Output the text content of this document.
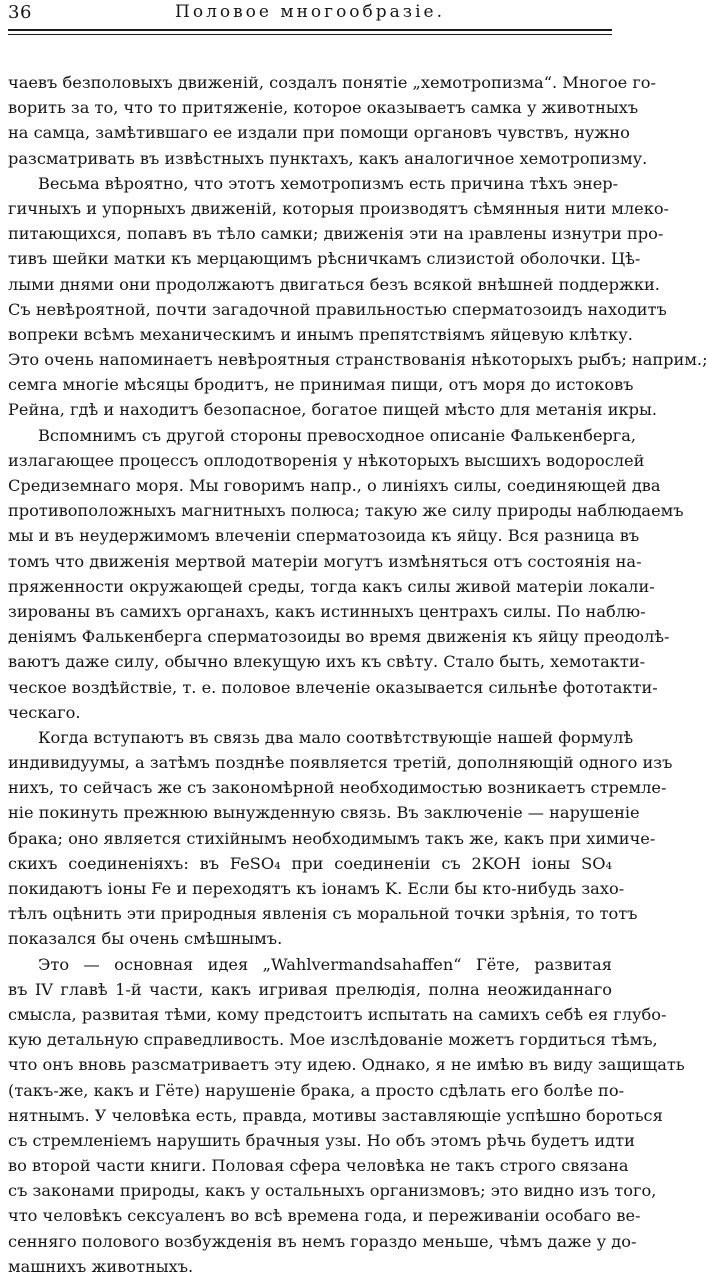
36	Половое многообразіе.
чаевъ безполовыхъ движеній, создалъ понятіе „хемотропизма“. Многое го-
ворить за то, что то притяженіе, которое оказываетъ самка у животныхъ
на самца, замѣтившаго ее издали при помощи органовъ чувствъ, нужно
разсматривать въ извѣстныхъ пунктахъ, какъ аналогичное хемотропизму.
Весьма вѣроятно, что этотъ хемотропизмъ есть причина тѣхъ энер-
гичныхъ и упорныхъ движеній, которыя производятъ сѣмянныя нити млеко-
питающихся, попавъ въ тѣло самки; движенія эти на ıравлены изнутри про-
тивъ шейки матки къ мерцающимъ рѣсничкамъ слизистой оболочки. Цѣ-
лыми днями они продолжаютъ двигаться безъ всякой внѣшней поддержки.
Съ невѣроятной, почти загадочной правильностью сперматозоидъ находитъ
вопреки всѣмъ механическимъ и инымъ препятствіямъ яйцевую клѣтку.
Это очень напоминаетъ невѣроятныя странствованія нѣкоторыхъ рыбъ; наприм.;
семга многіе мѣсяцы бродитъ, не принимая пищи, отъ моря до истоковъ
Рейна, гдѣ и находитъ безопасное, богатое пищей мѣсто для метанія икры.
Вспомнимъ съ другой стороны превосходное описаніе Фалькенберга,
излагающее процессъ оплодотворенія у нѣкоторыхъ высшихъ водорослей
Средиземнаго моря. Мы говоримъ напр., о линіяхъ силы, соединяющей два
противоположныхъ магнитныхъ полюса; такую же силу природы наблюдаемъ
мы и въ неудержимомъ влеченіи сперматозоида къ яйцу. Вся разница въ
томъ что движенія мертвой матеріи могутъ измѣняться отъ состоянія на-
пряженности окружающей среды, тогда какъ силы живой матеріи локали-
зированы въ самихъ органахъ, какъ истинныхъ центрахъ силы. По наблю-
деніямъ Фалькенберга сперматозоиды во время движенія къ яйцу преодолѣ-
ваютъ даже силу, обычно влекущую ихъ къ свѣту. Стало быть, хемотакти-
ческое воздѣйствіе, т. е. половое влеченіе оказывается сильнѣе фототакти-
ческаго.
Когда вступаютъ въ связь два мало соотвѣтствующіе нашей формулѣ
индивидуумы, а затѣмъ позднѣе появляется третій, дополняющій одного изъ
нихъ, то сейчасъ же съ закономѣрной необходимостью возникаетъ стремле-
ніе покинуть прежнюю вынужденную связь. Въ заключеніе — нарушеніе
брака; оно является стихійнымъ необходимымъ такъ же, какъ при химиче-
скихъ соединеніяхъ: въ FeSO₄ при соединеніи съ 2KOH іоны SO₄
покидаютъ іоны Fe и переходятъ къ іонамъ K. Если бы кто-нибудь захо-
тѣлъ оцѣнить эти природныя явленія съ моральной точки зрѣнія, то тотъ
показался бы очень смѣшнымъ.
Это — основная идея „Wahlvermandsahaffen“ Гёте, развитая
въ IV главѣ 1-й части, какъ игривая прелюдія, полна неожиданнаго
смысла, развитая тѣми, кому предстоитъ испытать на самихъ себѣ ея глубо-
кую детальную справедливость. Мое изслѣдованіе можетъ гордиться тѣмъ,
что онъ вновь разсматриваетъ эту идею. Однако, я не имѣю въ виду защищать
(такъ-же, какъ и Гёте) нарушеніе брака, а просто сдѣлать его болѣе по-
нятнымъ. У человѣка есть, правда, мотивы заставляющіе успѣшно бороться
съ стремленіемъ нарушить брачныя узы. Но объ этомъ рѣчь будетъ идти
во второй части книги. Половая сфера человѣка не такъ строго связана
съ законами природы, какъ у остальныхъ организмовъ; это видно изъ того,
что человѣкъ сексуаленъ во всѣ времена года, и переживаніи особаго ве-
сенняго полового возбужденія въ немъ гораздо меньше, чѣмъ даже у до-
машнихъ животныхъ.
